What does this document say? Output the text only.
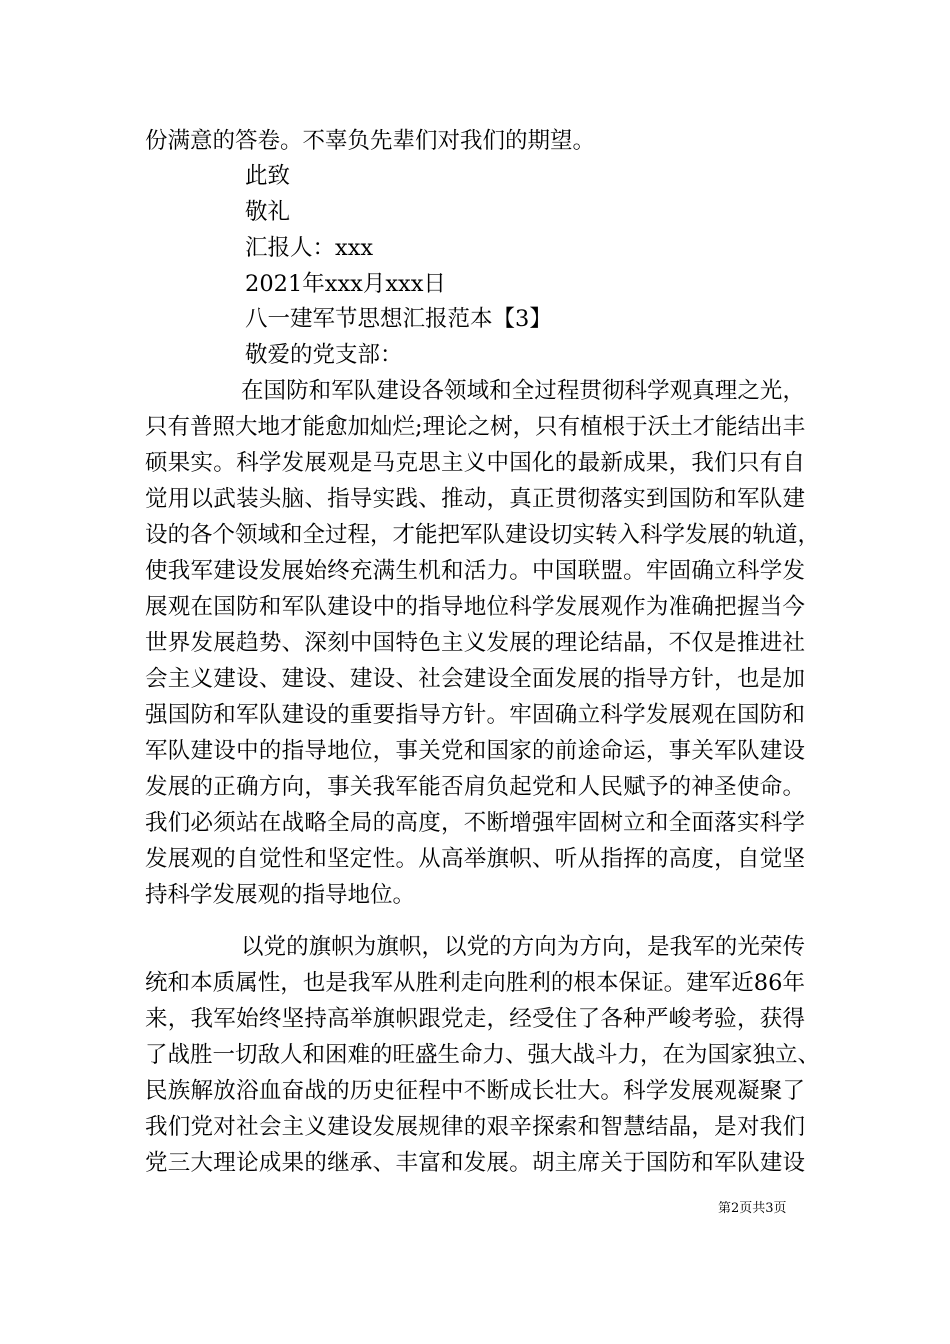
份满意的答卷。不辜负先辈们对我们的期望。
此致
敬礼
汇报人：xxx
2021年xxx月xxx日
八一建军节思想汇报范本【3】
敬爱的党支部：
在国防和军队建设各领域和全过程贯彻科学观真理之光，
只有普照大地才能愈加灿烂;理论之树，只有植根于沃土才能结出丰
硕果实。科学发展观是马克思主义中国化的最新成果，我们只有自
觉用以武装头脑、指导实践、推动，真正贯彻落实到国防和军队建
设的各个领域和全过程，才能把军队建设切实转入科学发展的轨道，
使我军建设发展始终充满生机和活力。中国联盟。牢固确立科学发
展观在国防和军队建设中的指导地位科学发展观作为准确把握当今
世界发展趋势、深刻中国特色主义发展的理论结晶，不仅是推进社
会主义建设、建设、建设、社会建设全面发展的指导方针，也是加
强国防和军队建设的重要指导方针。牢固确立科学发展观在国防和
军队建设中的指导地位，事关党和国家的前途命运，事关军队建设
发展的正确方向，事关我军能否肩负起党和人民赋予的神圣使命。
我们必须站在战略全局的高度，不断增强牢固树立和全面落实科学
发展观的自觉性和坚定性。从高举旗帜、听从指挥的高度，自觉坚
持科学发展观的指导地位。
以党的旗帜为旗帜，以党的方向为方向，是我军的光荣传
统和本质属性，也是我军从胜利走向胜利的根本保证。建军近86年
来，我军始终坚持高举旗帜跟党走，经受住了各种严峻考验，获得
了战胜一切敌人和困难的旺盛生命力、强大战斗力，在为国家独立、
民族解放浴血奋战的历史征程中不断成长壮大。科学发展观凝聚了
我们党对社会主义建设发展规律的艰辛探索和智慧结晶，是对我们
党三大理论成果的继承、丰富和发展。胡主席关于国防和军队建设
第2页共3页
